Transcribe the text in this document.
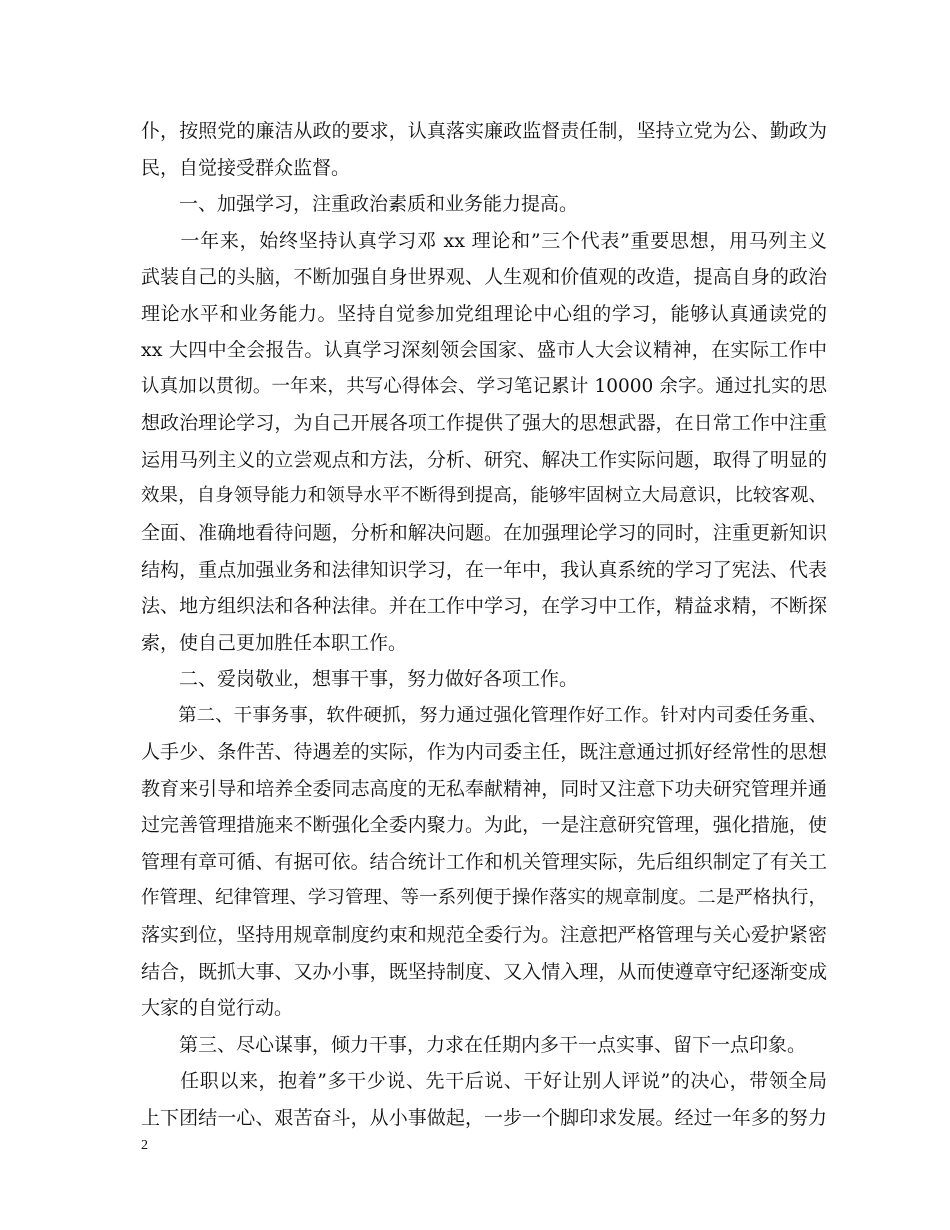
仆，按照党的廉洁从政的要求，认真落实廉政监督责任制，坚持立党为公、勤政为
民，自觉接受群众监督。
　　一、加强学习，注重政治素质和业务能力提高。
　　一年来，始终坚持认真学习邓 xx 理论和”三个代表”重要思想，用马列主义
武装自己的头脑，不断加强自身世界观、人生观和价值观的改造，提高自身的政治
理论水平和业务能力。坚持自觉参加党组理论中心组的学习，能够认真通读党的
xx 大四中全会报告。认真学习深刻领会国家、盛市人大会议精神，在实际工作中
认真加以贯彻。一年来，共写心得体会、学习笔记累计 10000 余字。通过扎实的思
想政治理论学习，为自己开展各项工作提供了强大的思想武器，在日常工作中注重
运用马列主义的立尝观点和方法，分析、研究、解决工作实际问题，取得了明显的
效果，自身领导能力和领导水平不断得到提高，能够牢固树立大局意识，比较客观、
全面、准确地看待问题，分析和解决问题。在加强理论学习的同时，注重更新知识
结构，重点加强业务和法律知识学习，在一年中，我认真系统的学习了宪法、代表
法、地方组织法和各种法律。并在工作中学习，在学习中工作，精益求精，不断探
索，使自己更加胜任本职工作。
　　二、爱岗敬业，想事干事，努力做好各项工作。
　　第二、干事务事，软件硬抓，努力通过强化管理作好工作。针对内司委任务重、
人手少、条件苦、待遇差的实际，作为内司委主任，既注意通过抓好经常性的思想
教育来引导和培养全委同志高度的无私奉献精神，同时又注意下功夫研究管理并通
过完善管理措施来不断强化全委内聚力。为此，一是注意研究管理，强化措施，使
管理有章可循、有据可依。结合统计工作和机关管理实际，先后组织制定了有关工
作管理、纪律管理、学习管理、等一系列便于操作落实的规章制度。二是严格执行，
落实到位，坚持用规章制度约束和规范全委行为。注意把严格管理与关心爱护紧密
结合，既抓大事、又办小事，既坚持制度、又入情入理，从而使遵章守纪逐渐变成
大家的自觉行动。
　　第三、尽心谋事，倾力干事，力求在任期内多干一点实事、留下一点印象。
　　任职以来，抱着”多干少说、先干后说、干好让别人评说”的决心，带领全局
上下团结一心、艰苦奋斗，从小事做起，一步一个脚印求发展。经过一年多的努力
2
